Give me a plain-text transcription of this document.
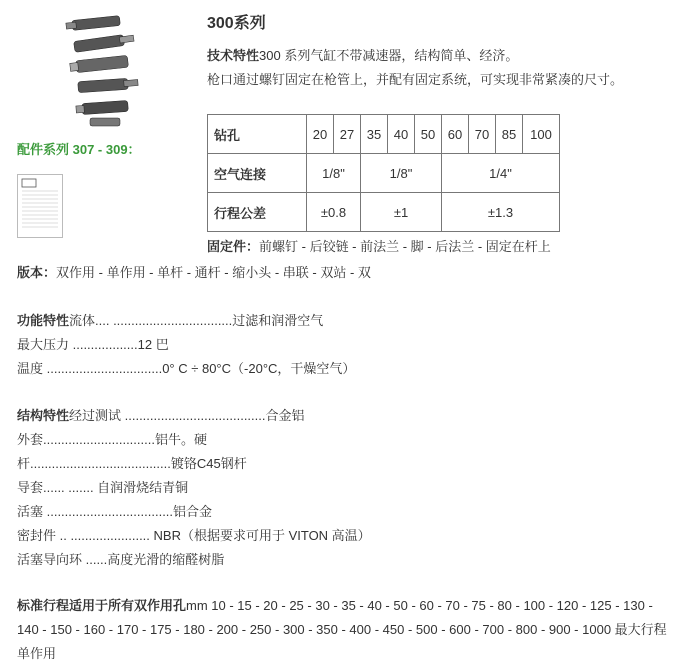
300系列
技术特性300 系列气缸不带减速器，结构简单、经济。
枪口通过螺钉固定在枪管上，并配有固定系统，可实现非常紧凑的尺寸。
配件系列 307 - 309：
钻孔	20	27	35	40	50	60	70	85	100
空气连接	1/8"		1/8"			1/4"			
行程公差	±0.8		±1			±1.3			
固定件：前螺钉 - 后铰链 - 前法兰 - 脚 - 后法兰 - 固定在杆上
版本：双作用 - 单作用 - 单杆 - 通杆 - 缩小头 - 串联 - 双站 - 双
功能特性流体.... .................................过滤和润滑空气
最大压力 ..................12 巴
温度 ................................0° C ÷ 80°C（-20°C，干燥空气）
结构特性经过测试 .......................................合金铝
外套...............................铝牛。硬
杆.......................................镀铬C45钢杆
导套...... ....... 自润滑烧结青铜
活塞 ...................................铝合金
密封件 .. ...................... NBR（根据要求可用于 VITON 高温）
活塞导向环 ......高度光滑的缩醛树脂
标准行程适用于所有双作用孔mm 10 - 15 - 20 - 25 - 30 - 35 - 40 - 50 - 60 - 70 - 75 - 80 - 100 - 120 - 125 - 130 - 140 - 150 - 160 - 170 - 175 - 180 - 200 - 250 - 300 - 350 - 400 - 450 - 500 - 600 - 700 - 800 - 900 - 1000 最大行程 单作用
